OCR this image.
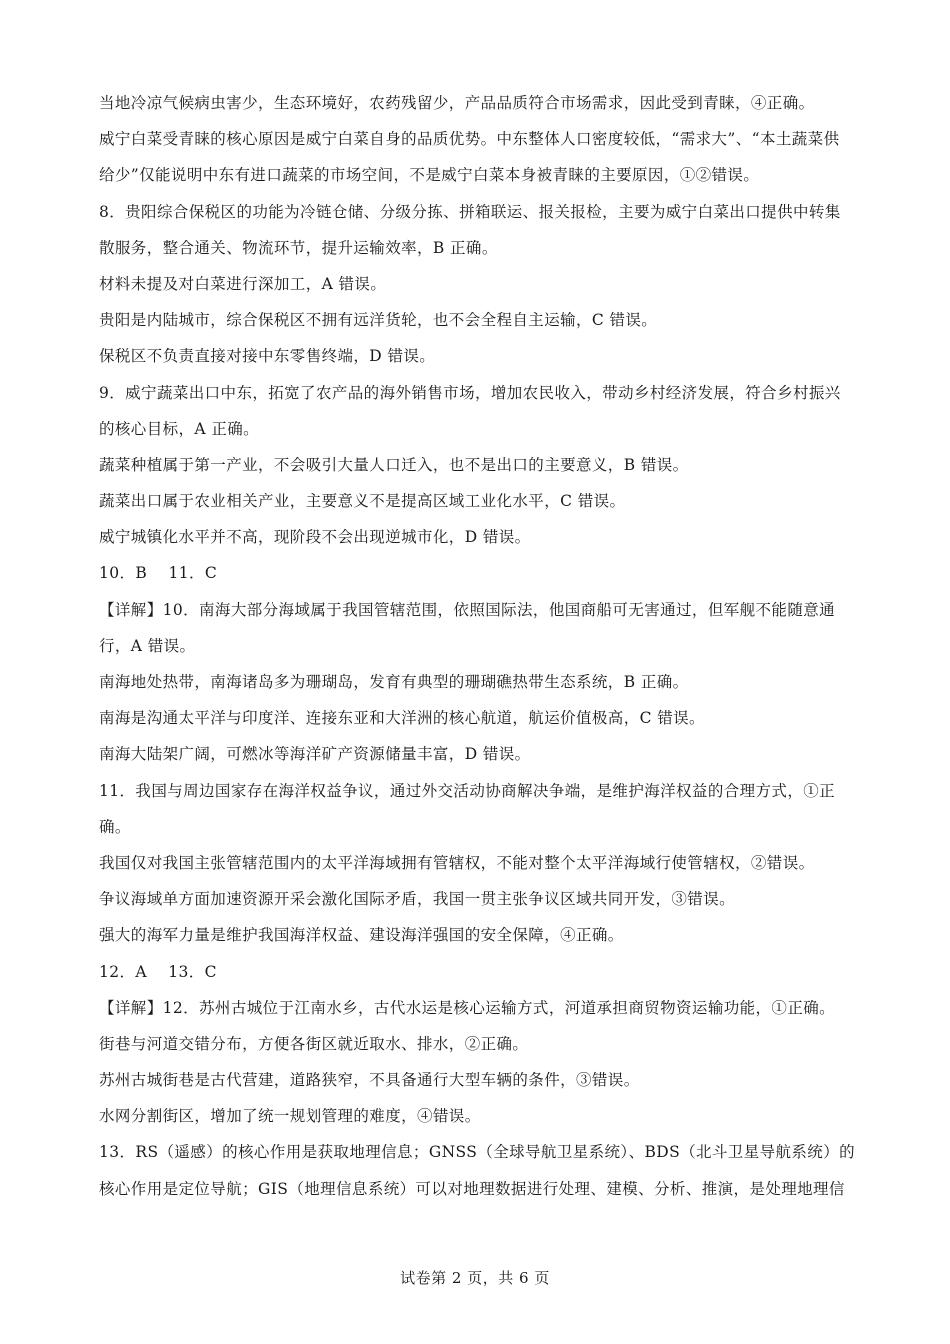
当地冷凉气候病虫害少，生态环境好，农药残留少，产品品质符合市场需求，因此受到青睐，④正确。
威宁白菜受青睐的核心原因是威宁白菜自身的品质优势。中东整体人口密度较低，“需求大”、“本土蔬菜供
给少”仅能说明中东有进口蔬菜的市场空间，不是威宁白菜本身被青睐的主要原因，①②错误。
8．贵阳综合保税区的功能为冷链仓储、分级分拣、拼箱联运、报关报检，主要为威宁白菜出口提供中转集
散服务，整合通关、物流环节，提升运输效率，B 正确。
材料未提及对白菜进行深加工，A 错误。
贵阳是内陆城市，综合保税区不拥有远洋货轮，也不会全程自主运输，C 错误。
保税区不负责直接对接中东零售终端，D 错误。
9．威宁蔬菜出口中东，拓宽了农产品的海外销售市场，增加农民收入，带动乡村经济发展，符合乡村振兴
的核心目标，A 正确。
蔬菜种植属于第一产业，不会吸引大量人口迁入，也不是出口的主要意义，B 错误。
蔬菜出口属于农业相关产业，主要意义不是提高区域工业化水平，C 错误。
威宁城镇化水平并不高，现阶段不会出现逆城市化，D 错误。
10．B　 11．C
【详解】10．南海大部分海域属于我国管辖范围，依照国际法，他国商船可无害通过，但军舰不能随意通
行，A 错误。
南海地处热带，南海诸岛多为珊瑚岛，发育有典型的珊瑚礁热带生态系统，B 正确。
南海是沟通太平洋与印度洋、连接东亚和大洋洲的核心航道，航运价值极高，C 错误。
南海大陆架广阔，可燃冰等海洋矿产资源储量丰富，D 错误。
11．我国与周边国家存在海洋权益争议，通过外交活动协商解决争端，是维护海洋权益的合理方式，①正
确。
我国仅对我国主张管辖范围内的太平洋海域拥有管辖权，不能对整个太平洋海域行使管辖权，②错误。
争议海域单方面加速资源开采会激化国际矛盾，我国一贯主张争议区域共同开发，③错误。
强大的海军力量是维护我国海洋权益、建设海洋强国的安全保障，④正确。
12．A　 13．C
【详解】12．苏州古城位于江南水乡，古代水运是核心运输方式，河道承担商贸物资运输功能，①正确。
街巷与河道交错分布，方便各街区就近取水、排水，②正确。
苏州古城街巷是古代营建，道路狭窄，不具备通行大型车辆的条件，③错误。
水网分割街区，增加了统一规划管理的难度，④错误。
13．RS（遥感）的核心作用是获取地理信息；GNSS（全球导航卫星系统）、BDS（北斗卫星导航系统）的
核心作用是定位导航；GIS（地理信息系统）可以对地理数据进行处理、建模、分析、推演，是处理地理信
试卷第 2 页，共 6 页
